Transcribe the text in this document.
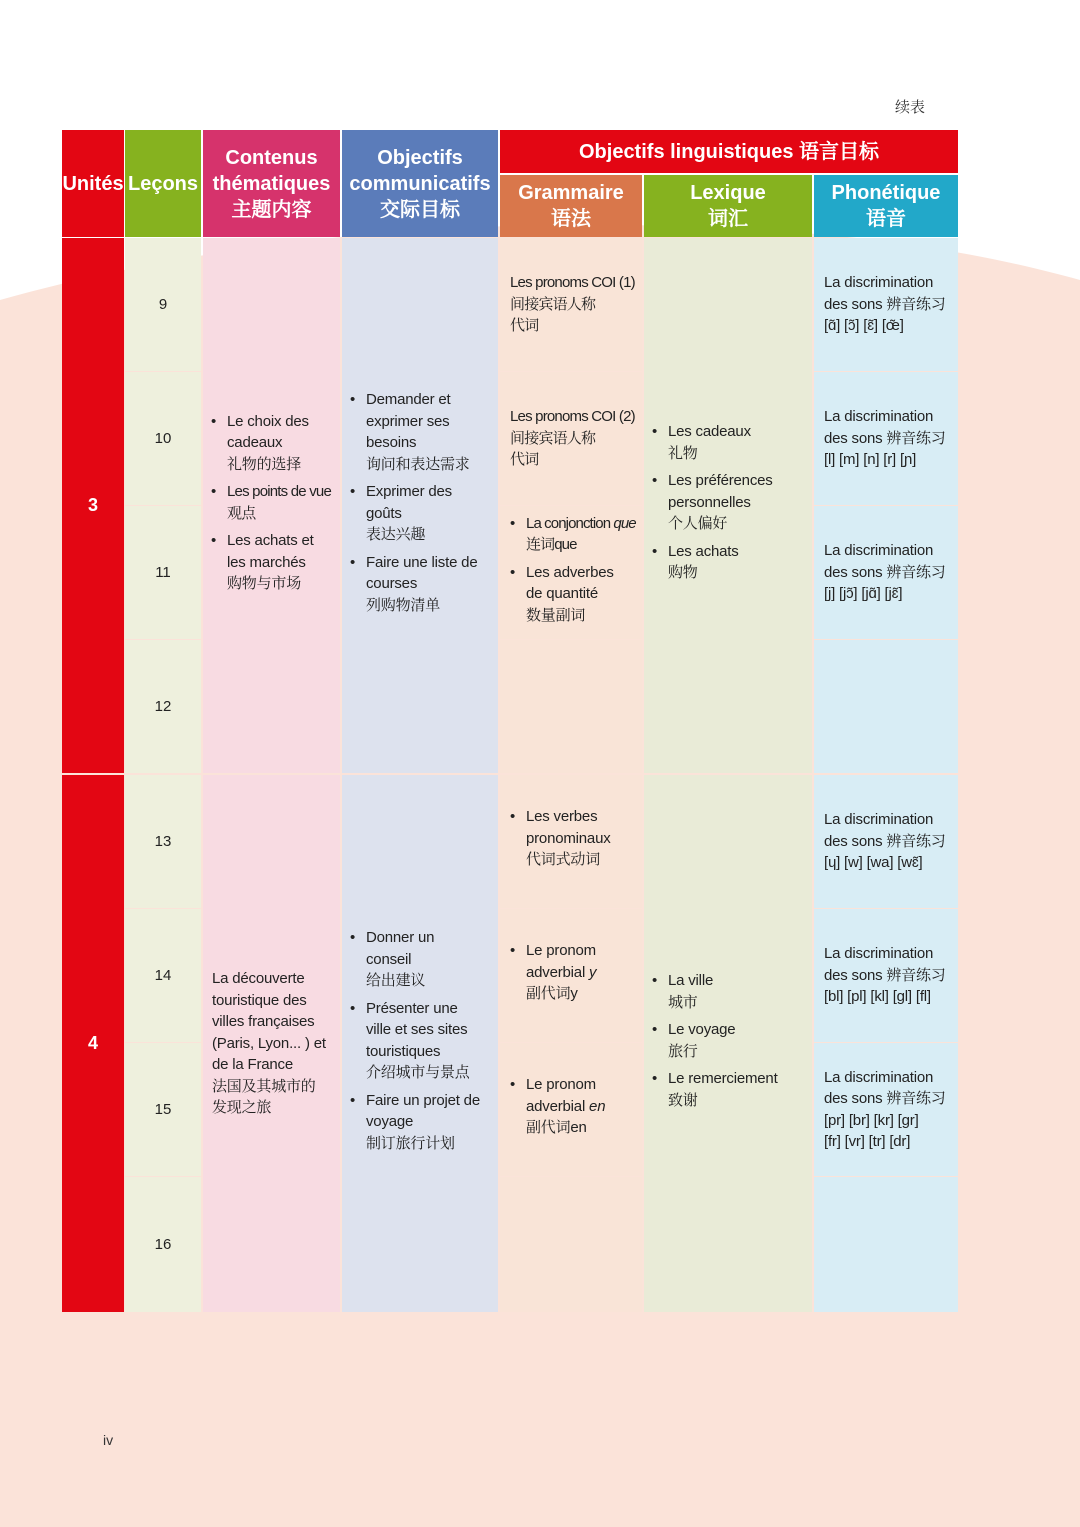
续表
iv
Unités Leçons
Contenus
thématiques
主题内容
Objectifs
communicatifs
交际目标
Objectifs linguistiques 语言目标
Grammaire
语法
Lexique
词汇
Phonétique
语音
3
9
10
11
12
• Le choix des
cadeaux
礼物的选择
• Les points de vue
观点
• Les achats et
les marchés
购物与市场
• Demander et
exprimer ses
besoins
询问和表达需求
• Exprimer des
goûts
表达兴趣
• Faire une liste de
courses
列购物清单
Les pronoms COI (1)
间接宾语人称
代词
Les pronoms COI (2)
间接宾语人称
代词
• La conjonction que
连词que
• Les adverbes
de quantité
数量副词
• Les cadeaux
礼物
• Les préférences
personnelles
个人偏好
• Les achats
购物
La discrimination
des sons 辨音练习
[ɑ̃] [ɔ̃] [ɛ̃] [œ̃]
La discrimination
des sons 辨音练习
[l] [m] [n] [r] [ɲ]
La discrimination
des sons 辨音练习
[j] [jɔ̃] [jɑ̃] [jɛ̃]
4
13
14
15
16
La découverte
touristique des
villes françaises
(Paris, Lyon... ) et
de la France
法国及其城市的
发现之旅
• Donner un
conseil
给出建议
• Présenter une
ville et ses sites
touristiques
介绍城市与景点
• Faire un projet de
voyage
制订旅行计划
• Les verbes
pronominaux
代词式动词
• Le pronom
adverbial y
副代词y
• Le pronom
adverbial en
副代词en
• La ville
城市
• Le voyage
旅行
• Le remerciement
致谢
La discrimination
des sons 辨音练习
[ɥ] [w] [wa] [wɛ̃]
La discrimination
des sons 辨音练习
[bl] [pl] [kl] [gl] [fl]
La discrimination
des sons 辨音练习
[pr] [br] [kr] [gr]
[fr] [vr] [tr] [dr]
